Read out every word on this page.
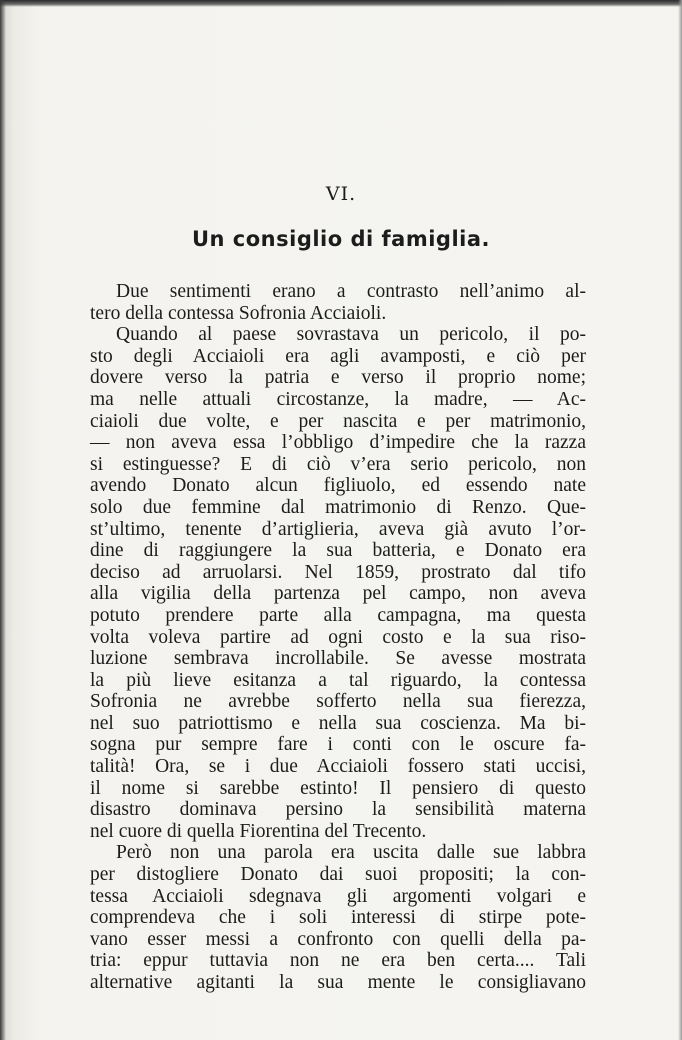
VI.
Un consiglio di famiglia.
Due sentimenti erano a contrasto nell’animo al-
tero della contessa Sofronia Acciaioli.
Quando al paese sovrastava un pericolo, il po-
sto degli Acciaioli era agli avamposti, e ciò per
dovere verso la patria e verso il proprio nome;
ma nelle attuali circostanze, la madre, — Ac-
ciaioli due volte, e per nascita e per matrimonio,
— non aveva essa l’obbligo d’impedire che la razza
si estinguesse? E di ciò v’era serio pericolo, non
avendo Donato alcun figliuolo, ed essendo nate
solo due femmine dal matrimonio di Renzo. Que-
st’ultimo, tenente d’artiglieria, aveva già avuto l’or-
dine di raggiungere la sua batteria, e Donato era
deciso ad arruolarsi. Nel 1859, prostrato dal tifo
alla vigilia della partenza pel campo, non aveva
potuto prendere parte alla campagna, ma questa
volta voleva partire ad ogni costo e la sua riso-
luzione sembrava incrollabile. Se avesse mostrata
la più lieve esitanza a tal riguardo, la contessa
Sofronia ne avrebbe sofferto nella sua fierezza,
nel suo patriottismo e nella sua coscienza. Ma bi-
sogna pur sempre fare i conti con le oscure fa-
talità! Ora, se i due Acciaioli fossero stati uccisi,
il nome si sarebbe estinto! Il pensiero di questo
disastro dominava persino la sensibilità materna
nel cuore di quella Fiorentina del Trecento.
Però non una parola era uscita dalle sue labbra
per distogliere Donato dai suoi propositi; la con-
tessa Acciaioli sdegnava gli argomenti volgari e
comprendeva che i soli interessi di stirpe pote-
vano esser messi a confronto con quelli della pa-
tria: eppur tuttavia non ne era ben certa.... Tali
alternative agitanti la sua mente le consigliavano
